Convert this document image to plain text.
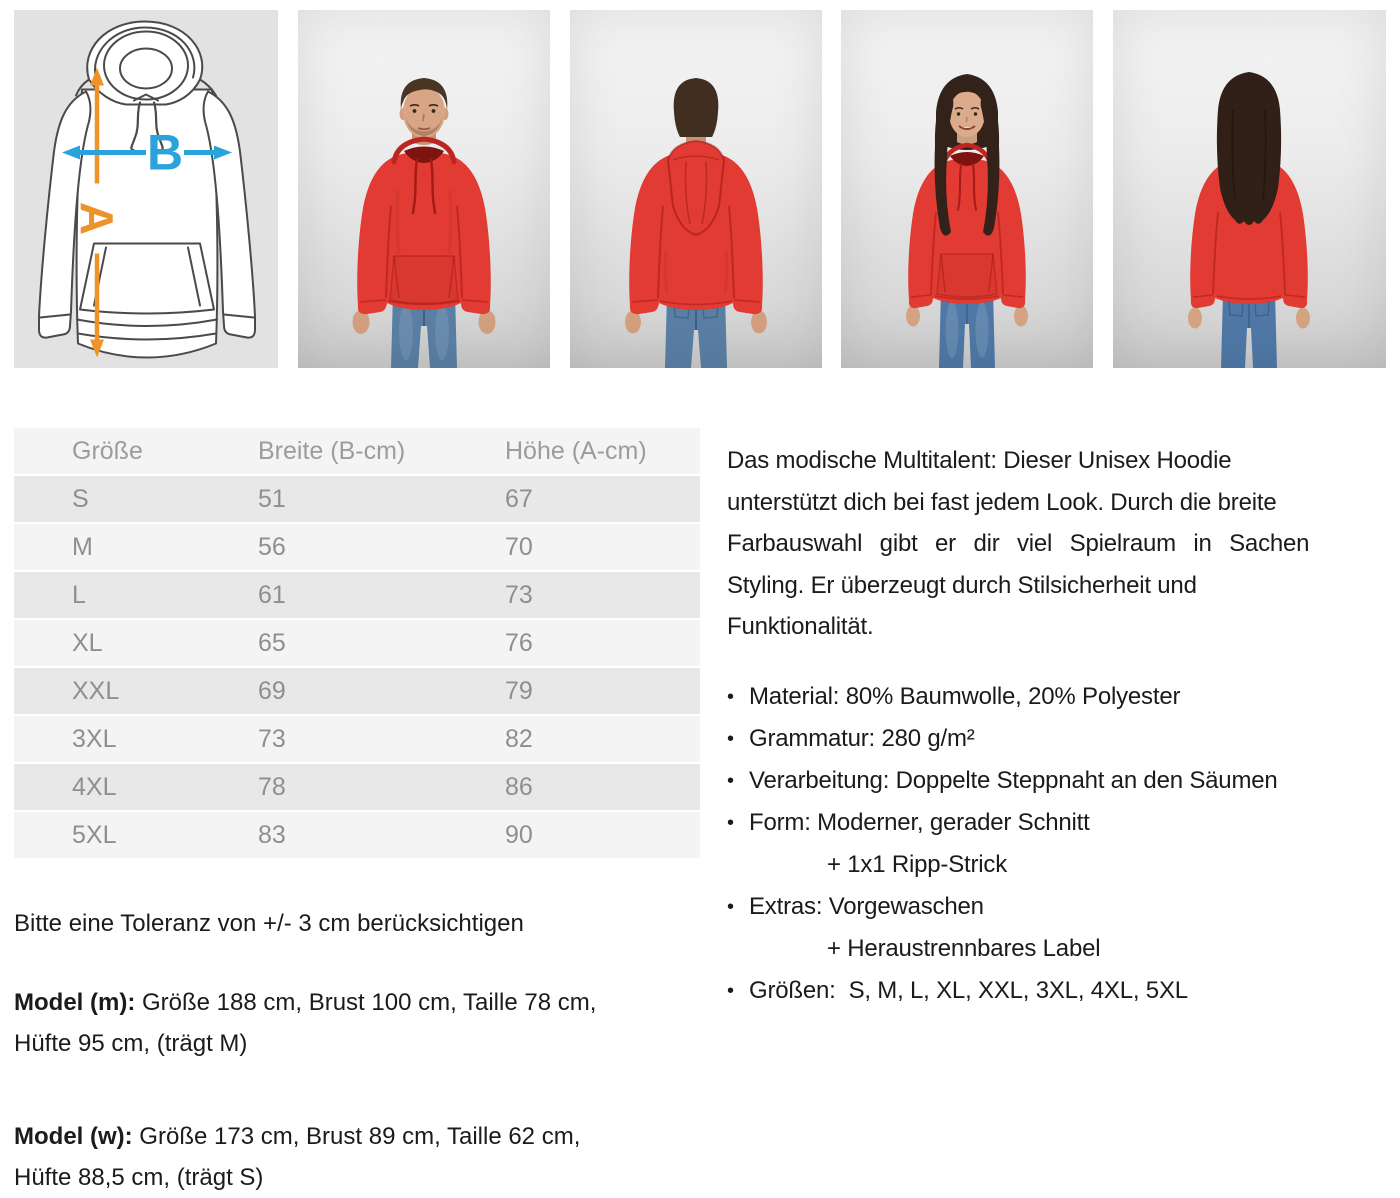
A
B
Größe	Breite (B-cm)	Höhe (A-cm)
S	51	67
M	56	70
L	61	73
XL	65	76
XXL	69	79
3XL	73	82
4XL	78	86
5XL	83	90
Bitte eine Toleranz von +/- 3 cm berücksichtigen
Model (m): Größe 188 cm, Brust 100 cm, Taille 78 cm,
Hüfte 95 cm, (trägt M)
Model (w): Größe 173 cm, Brust 89 cm, Taille 62 cm,
Hüfte 88,5 cm, (trägt S)
Das modische Multitalent: Dieser Unisex Hoodie
unterstützt dich bei fast jedem Look. Durch die breite
Farbauswahl gibt er dir viel Spielraum in Sachen
Styling. Er überzeugt durch Stilsicherheit und
Funktionalität.
• Material: 80% Baumwolle, 20% Polyester
• Grammatur: 280 g/m²
• Verarbeitung: Doppelte Steppnaht an den Säumen
• Form: Moderner, gerader Schnitt
+ 1x1 Ripp-Strick
• Extras: Vorgewaschen
+ Heraustrennbares Label
• Größen:  S, M, L, XL, XXL, 3XL, 4XL, 5XL
